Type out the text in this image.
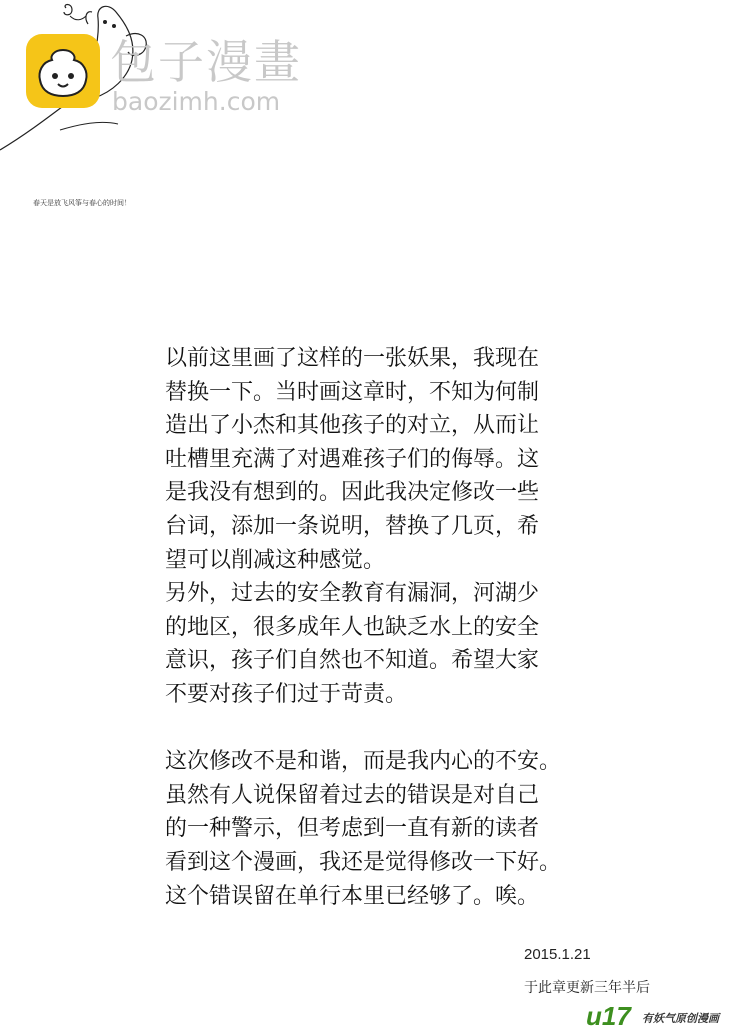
包子漫畫
baozimh.com
春天是放飞风筝与春心的时间！
以前这里画了这样的一张妖果，我现在
替换一下。当时画这章时，不知为何制
造出了小杰和其他孩子的对立，从而让
吐槽里充满了对遇难孩子们的侮辱。这
是我没有想到的。因此我决定修改一些
台词，添加一条说明，替换了几页，希
望可以削减这种感觉。
另外，过去的安全教育有漏洞，河湖少
的地区，很多成年人也缺乏水上的安全
意识，孩子们自然也不知道。希望大家
不要对孩子们过于苛责。
这次修改不是和谐，而是我内心的不安。
虽然有人说保留着过去的错误是对自己
的一种警示，但考虑到一直有新的读者
看到这个漫画，我还是觉得修改一下好。
这个错误留在单行本里已经够了。唉。
2015.1.21
于此章更新三年半后
u17 有妖气原创漫画
